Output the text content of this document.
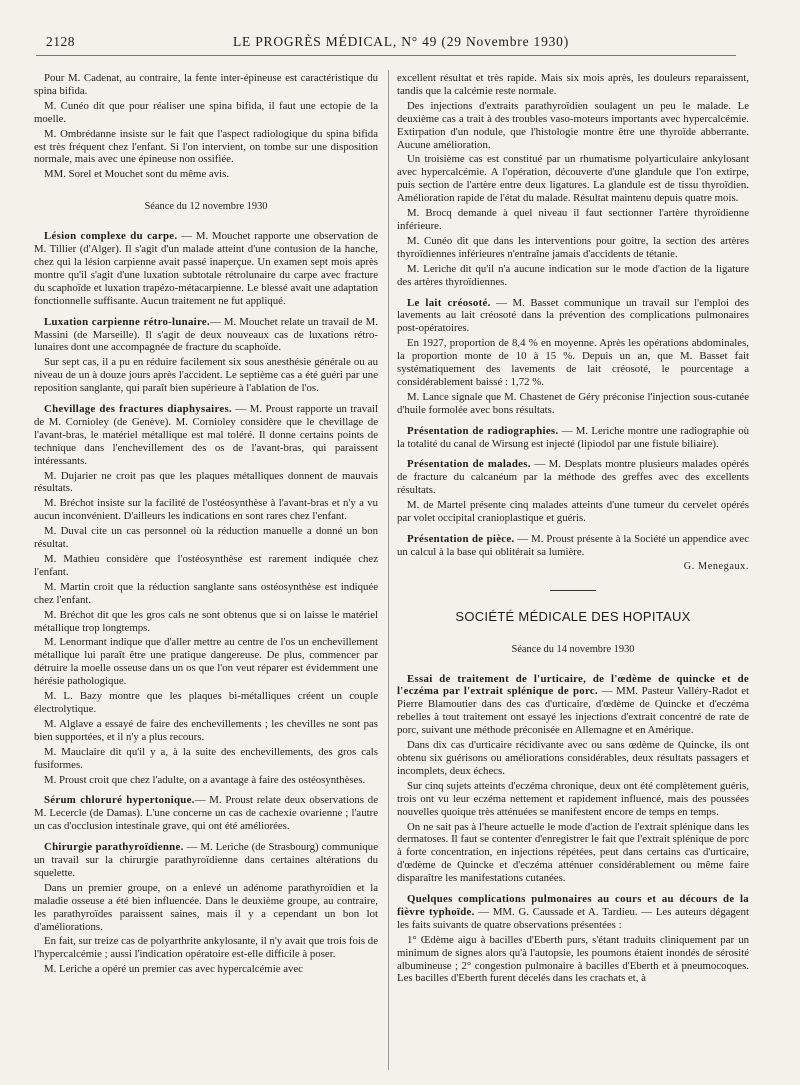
2128	LE PROGRÈS MÉDICAL, N° 49 (29 Novembre 1930)

Pour M. Cadenat, au contraire, la fente inter-épineuse est caractéristique du spina bifida.

M. Cunéo dit que pour réaliser une spina bifida, il faut une ectopie de la moelle.

M. Ombrédanne insiste sur le fait que l'aspect radiologique du spina bifida est très fréquent chez l'enfant. Si l'on intervient, on tombe sur une disposition normale, mais avec une épineuse non ossifiée.

MM. Sorel et Mouchet sont du même avis.

Séance du 12 novembre 1930

Lésion complexe du carpe. — M. Mouchet rapporte une observation de M. Tillier (d'Alger). Il s'agit d'un malade atteint d'une contusion de la hanche, chez qui la lésion carpienne avait passé inaperçue. Un examen sept mois après montre qu'il s'agit d'une luxation subtotale rétrolunaire du carpe avec fracture du scaphoïde et luxation trapézo-métacarpienne. Le blessé avait une adaptation fonctionnelle suffisante. Aucun traitement ne fut appliqué.

Luxation carpienne rétro-lunaire.— M. Mouchet relate un travail de M. Massini (de Marseille). Il s'agit de deux nouveaux cas de luxations rétro-lunaires dont une accompagnée de fracture du scaphoïde.

Sur sept cas, il a pu en réduire facilement six sous anesthésie générale ou au niveau de un à douze jours après l'accident. Le septième cas a été guéri par une reposition sanglante, qui paraît bien supérieure à l'ablation de l'os.

Chevillage des fractures diaphysaires. — M. Proust rapporte un travail de M. Cornioley (de Genève). M. Cornioley considère que le chevillage de l'avant-bras, le matériel métallique est mal toléré. Il donne certains points de technique dans l'enchevillement des os de l'avant-bras, qui paraissent intéressants.

M. Dujarier ne croit pas que les plaques métalliques donnent de mauvais résultats.

M. Bréchot insiste sur la facilité de l'ostéosynthèse à l'avant-bras et n'y a vu aucun inconvénient. D'ailleurs les indications en sont rares chez l'enfant.

M. Duval cite un cas personnel où la réduction manuelle a donné un bon résultat.

M. Mathieu considère que l'ostéosynthèse est rarement indiquée chez l'enfant.

M. Martin croit que la réduction sanglante sans ostéosynthèse est indiquée chez l'enfant.

M. Bréchot dit que les gros cals ne sont obtenus que si on laisse le matériel métallique trop longtemps.

M. Lenormant indique que d'aller mettre au centre de l'os un enchevillement métallique lui paraît être une pratique dangereuse. De plus, commencer par détruire la moelle osseuse dans un os que l'on veut réparer est évidemment une hérésie pathologique.

M. L. Bazy montre que les plaques bi-métalliques créent un couple électrolytique.

M. Alglave a essayé de faire des enchevillements ; les chevilles ne sont pas bien supportées, et il n'y a plus recours.

M. Mauclaire dit qu'il y a, à la suite des enchevillements, des gros cals fusiformes.

M. Proust croit que chez l'adulte, on a avantage à faire des ostéosynthèses.

Sérum chloruré hypertonique.— M. Proust relate deux observations de M. Lecercle (de Damas). L'une concerne un cas de cachexie ovarienne ; l'autre un cas d'occlusion intestinale grave, qui ont été améliorées.

Chirurgie parathyroïdienne. — M. Leriche (de Strasbourg) communique un travail sur la chirurgie parathyroïdienne dans certaines altérations du squelette.

Dans un premier groupe, on a enlevé un adénome parathyroïdien et la maladie osseuse a été bien influencée. Dans le deuxième groupe, au contraire, les parathyroïdes paraissent saines, mais il y a cependant un bon lot d'améliorations.

En fait, sur treize cas de polyarthrite ankylosante, il n'y avait que trois fois de l'hypercalcémie ; aussi l'indication opératoire est-elle difficile à poser.

M. Leriche a opéré un premier cas avec hypercalcémie avec

excellent résultat et très rapide. Mais six mois après, les douleurs reparaissent, tandis que la calcémie reste normale.

Des injections d'extraits parathyroïdien soulagent un peu le malade. Le deuxième cas a trait à des troubles vaso-moteurs importants avec hypercalcémie. Extirpation d'un nodule, que l'histologie montre être une thyroïde abberrante. Aucune amélioration.

Un troisième cas est constitué par un rhumatisme polyarticulaire ankylosant avec hypercalcémie. A l'opération, découverte d'une glandule que l'on extirpe, puis section de l'artère entre deux ligatures. La glandule est de tissu thyroïdien. Amélioration rapide de l'état du malade. Résultat maintenu depuis quatre mois.

M. Brocq demande à quel niveau il faut sectionner l'artère thyroïdienne inférieure.

M. Cunéo dit que dans les interventions pour goitre, la section des artères thyroïdiennes inférieures n'entraîne jamais d'accidents de tétanie.

M. Leriche dit qu'il n'a aucune indication sur le mode d'action de la ligature des artères thyroïdiennes.

Le lait créosoté. — M. Basset communique un travail sur l'emploi des lavements au lait créosoté dans la prévention des complications pulmonaires post-opératoires.

En 1927, proportion de 8,4 % en moyenne. Après les opérations abdominales, la proportion monte de 10 à 15 %. Depuis un an, que M. Basset fait systématiquement des lavements de lait créosoté, le pourcentage a considérablement baissé : 1,72 %.

M. Lance signale que M. Chastenet de Géry préconise l'injection sous-cutanée d'huile formolée avec bons résultats.

Présentation de radiographies. — M. Leriche montre une radiographie où la totalité du canal de Wirsung est injecté (lipiodol par une fistule biliaire).

Présentation de malades. — M. Desplats montre plusieurs malades opérés de fracture du calcanéum par la méthode des greffes avec des excellents résultats.

M. de Martel présente cinq malades atteints d'une tumeur du cervelet opérés par volet occipital cranioplastique et guéris.

Présentation de pièce. — M. Proust présente à la Société un appendice avec un calcul à la base qui oblitérait sa lumière.

G. Menegaux.
SOCIÉTÉ MÉDICALE DES HOPITAUX
Séance du 14 novembre 1930

Essai de traitement de l'urticaire, de l'œdème de quincke et de l'eczéma par l'extrait splénique de porc. — MM. Pasteur Valléry-Radot et Pierre Blamoutier dans des cas d'urticaire, d'œdème de Quincke et d'eczéma rebelles à tout traitement ont essayé les injections d'extrait concentré de rate de porc, suivant une méthode préconisée en Allemagne et en Amérique.

Dans dix cas d'urticaire récidivante avec ou sans œdème de Quincke, ils ont obtenu six guérisons ou améliorations considérables, deux résultats passagers et incomplets, deux échecs.

Sur cinq sujets atteints d'eczéma chronique, deux ont été complètement guéris, trois ont vu leur eczéma nettement et rapidement influencé, mais des poussées nouvelles quoique très atténuées se manifestent encore de temps en temps.

On ne sait pas à l'heure actuelle le mode d'action de l'extrait splénique dans les dermatoses. Il faut se contenter d'enregistrer le fait que l'extrait splénique de porc à forte concentration, en injections répétées, peut dans certains cas d'urticaire, d'œdème de Quincke et d'eczéma atténuer considérablement ou même faire disparaître les manifestations cutanées.

Quelques complications pulmonaires au cours et au décours de la fièvre typhoïde. — MM. G. Caussade et A. Tardieu. — Les auteurs dégagent les faits suivants de quatre observations présentées :

1° Œdème aigu à bacilles d'Eberth purs, s'étant traduits cliniquement par un minimum de signes alors qu'à l'autopsie, les poumons étaient inondés de sérosité albumineuse ; 2° congestion pulmonaire à bacilles d'Eberth et à pneumocoques. Les bacilles d'Eberth furent décelés dans les crachats et, à
